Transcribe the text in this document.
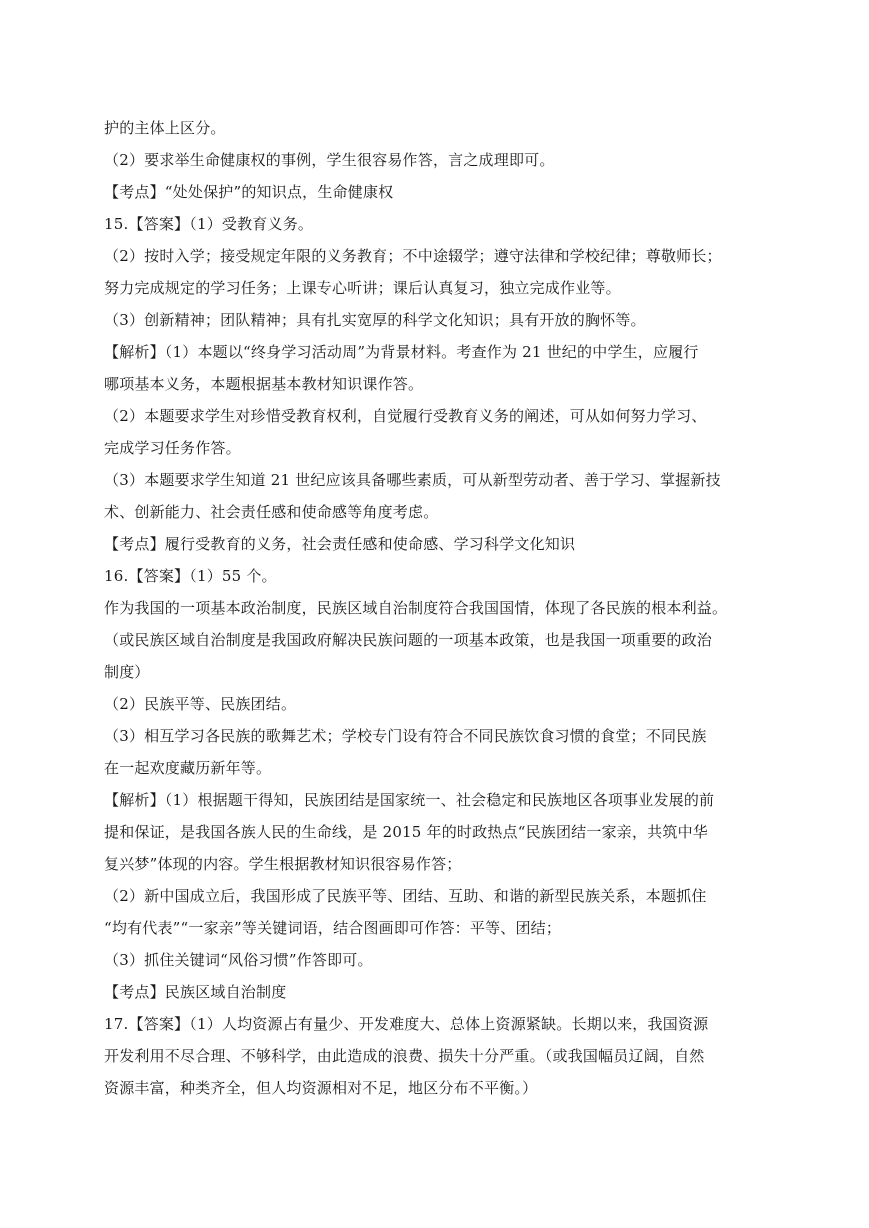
护的主体上区分。
（2）要求举生命健康权的事例，学生很容易作答，言之成理即可。
【考点】“处处保护”的知识点，生命健康权
15.【答案】（1）受教育义务。
（2）按时入学；接受规定年限的义务教育；不中途辍学；遵守法律和学校纪律；尊敬师长；
努力完成规定的学习任务；上课专心听讲；课后认真复习，独立完成作业等。
（3）创新精神；团队精神；具有扎实宽厚的科学文化知识；具有开放的胸怀等。
【解析】（1）本题以“终身学习活动周”为背景材料。考查作为 21 世纪的中学生，应履行
哪项基本义务，本题根据基本教材知识课作答。
（2）本题要求学生对珍惜受教育权利，自觉履行受教育义务的阐述，可从如何努力学习、
完成学习任务作答。
（3）本题要求学生知道 21 世纪应该具备哪些素质，可从新型劳动者、善于学习、掌握新技
术、创新能力、社会责任感和使命感等角度考虑。
【考点】履行受教育的义务，社会责任感和使命感、学习科学文化知识
16.【答案】（1）55 个。
作为我国的一项基本政治制度，民族区域自治制度符合我国国情，体现了各民族的根本利益。
（或民族区域自治制度是我国政府解决民族问题的一项基本政策，也是我国一项重要的政治
制度）
（2）民族平等、民族团结。
（3）相互学习各民族的歌舞艺术；学校专门设有符合不同民族饮食习惯的食堂；不同民族
在一起欢度藏历新年等。
【解析】（1）根据题干得知，民族团结是国家统一、社会稳定和民族地区各项事业发展的前
提和保证，是我国各族人民的生命线，是 2015 年的时政热点“民族团结一家亲，共筑中华
复兴梦”体现的内容。学生根据教材知识很容易作答；
（2）新中国成立后，我国形成了民族平等、团结、互助、和谐的新型民族关系，本题抓住
“均有代表”“一家亲”等关键词语，结合图画即可作答：平等、团结；
（3）抓住关键词“风俗习惯”作答即可。
【考点】民族区域自治制度
17.【答案】（1）人均资源占有量少、开发难度大、总体上资源紧缺。长期以来，我国资源
开发利用不尽合理、不够科学，由此造成的浪费、损失十分严重。（或我国幅员辽阔，自然
资源丰富，种类齐全，但人均资源相对不足，地区分布不平衡。）
